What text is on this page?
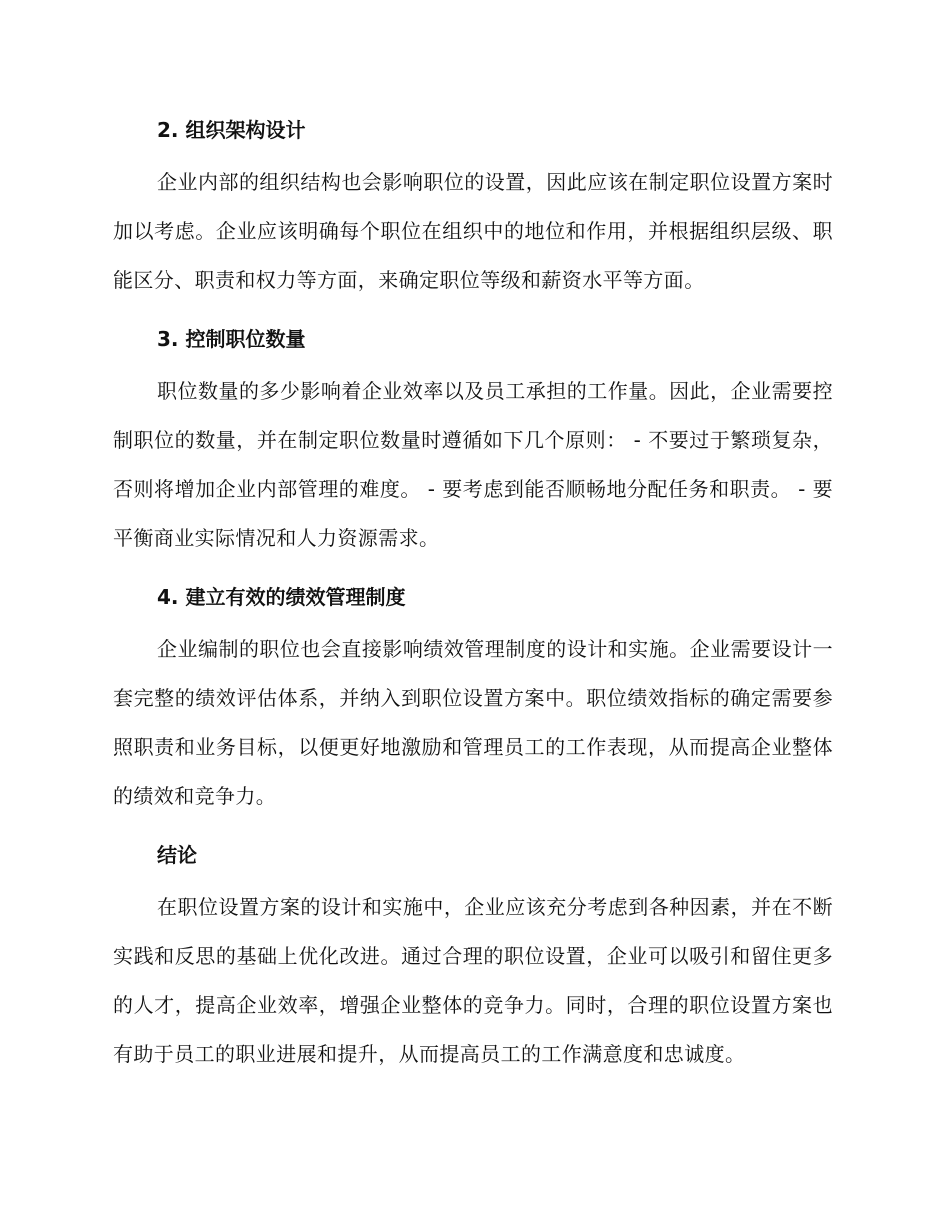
2. 组织架构设计

企业内部的组织结构也会影响职位的设置，因此应该在制定职位设置方案时加以考虑。企业应该明确每个职位在组织中的地位和作用，并根据组织层级、职能区分、职责和权力等方面，来确定职位等级和薪资水平等方面。

3. 控制职位数量

职位数量的多少影响着企业效率以及员工承担的工作量。因此，企业需要控制职位的数量，并在制定职位数量时遵循如下几个原则： - 不要过于繁琐复杂，否则将增加企业内部管理的难度。 - 要考虑到能否顺畅地分配任务和职责。 - 要平衡商业实际情况和人力资源需求。

4. 建立有效的绩效管理制度

企业编制的职位也会直接影响绩效管理制度的设计和实施。企业需要设计一套完整的绩效评估体系，并纳入到职位设置方案中。职位绩效指标的确定需要参照职责和业务目标，以便更好地激励和管理员工的工作表现，从而提高企业整体的绩效和竞争力。

结论

在职位设置方案的设计和实施中，企业应该充分考虑到各种因素，并在不断实践和反思的基础上优化改进。通过合理的职位设置，企业可以吸引和留住更多的人才，提高企业效率，增强企业整体的竞争力。同时，合理的职位设置方案也有助于员工的职业进展和提升，从而提高员工的工作满意度和忠诚度。
